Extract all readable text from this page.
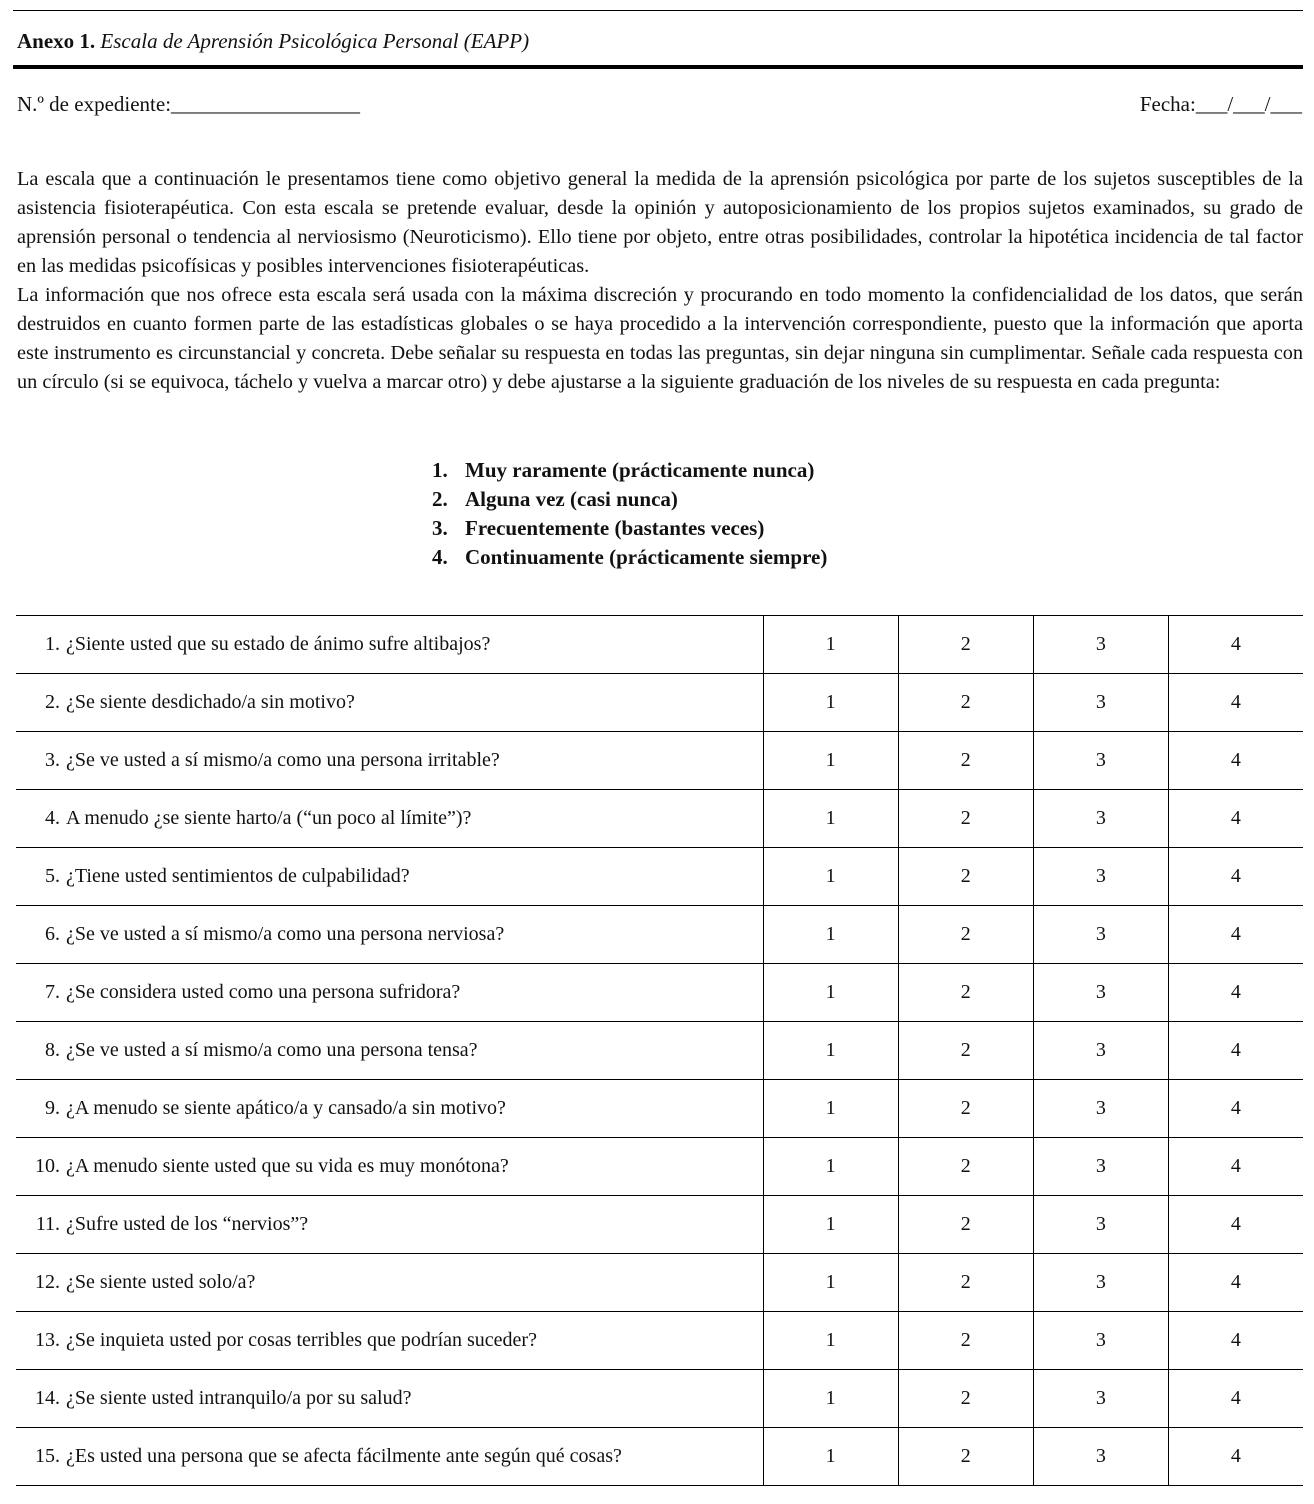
Anexo 1. Escala de Aprensión Psicológica Personal (EAPP)
N.º de expediente:__________________	Fecha:___/___/___

La escala que a continuación le presentamos tiene como objetivo general la medida de la aprensión psicológica por parte de los sujetos susceptibles de la asistencia fisioterapéutica. Con esta escala se pretende evaluar, desde la opinión y autoposicionamiento de los propios sujetos examinados, su grado de aprensión personal o tendencia al nerviosismo (Neuroticismo). Ello tiene por objeto, entre otras posibilidades, controlar la hipotética incidencia de tal factor en las medidas psicofísicas y posibles intervenciones fisioterapéuticas.

La información que nos ofrece esta escala será usada con la máxima discreción y procurando en todo momento la confidencialidad de los datos, que serán destruidos en cuanto formen parte de las estadísticas globales o se haya procedido a la intervención correspondiente, puesto que la información que aporta este instrumento es circunstancial y concreta. Debe señalar su respuesta en todas las preguntas, sin dejar ninguna sin cumplimentar. Señale cada respuesta con un círculo (si se equivoca, táchelo y vuelva a marcar otro) y debe ajustarse a la siguiente graduación de los niveles de su respuesta en cada pregunta:

1. Muy raramente (prácticamente nunca)
2. Alguna vez (casi nunca)
3. Frecuentemente (bastantes veces)
4. Continuamente (prácticamente siempre)
1. ¿Siente usted que su estado de ánimo sufre altibajos?	1	2	3	4
2. ¿Se siente desdichado/a sin motivo?	1	2	3	4
3. ¿Se ve usted a sí mismo/a como una persona irritable?	1	2	3	4
4. A menudo ¿se siente harto/a (“un poco al límite”)?	1	2	3	4
5. ¿Tiene usted sentimientos de culpabilidad?	1	2	3	4
6. ¿Se ve usted a sí mismo/a como una persona nerviosa?	1	2	3	4
7. ¿Se considera usted como una persona sufridora?	1	2	3	4
8. ¿Se ve usted a sí mismo/a como una persona tensa?	1	2	3	4
9. ¿A menudo se siente apático/a y cansado/a sin motivo?	1	2	3	4
10. ¿A menudo siente usted que su vida es muy monótona?	1	2	3	4
11. ¿Sufre usted de los “nervios”?	1	2	3	4
12. ¿Se siente usted solo/a?	1	2	3	4
13. ¿Se inquieta usted por cosas terribles que podrían suceder?	1	2	3	4
14. ¿Se siente usted intranquilo/a por su salud?	1	2	3	4
15. ¿Es usted una persona que se afecta fácilmente ante según qué cosas?	1	2	3	4
